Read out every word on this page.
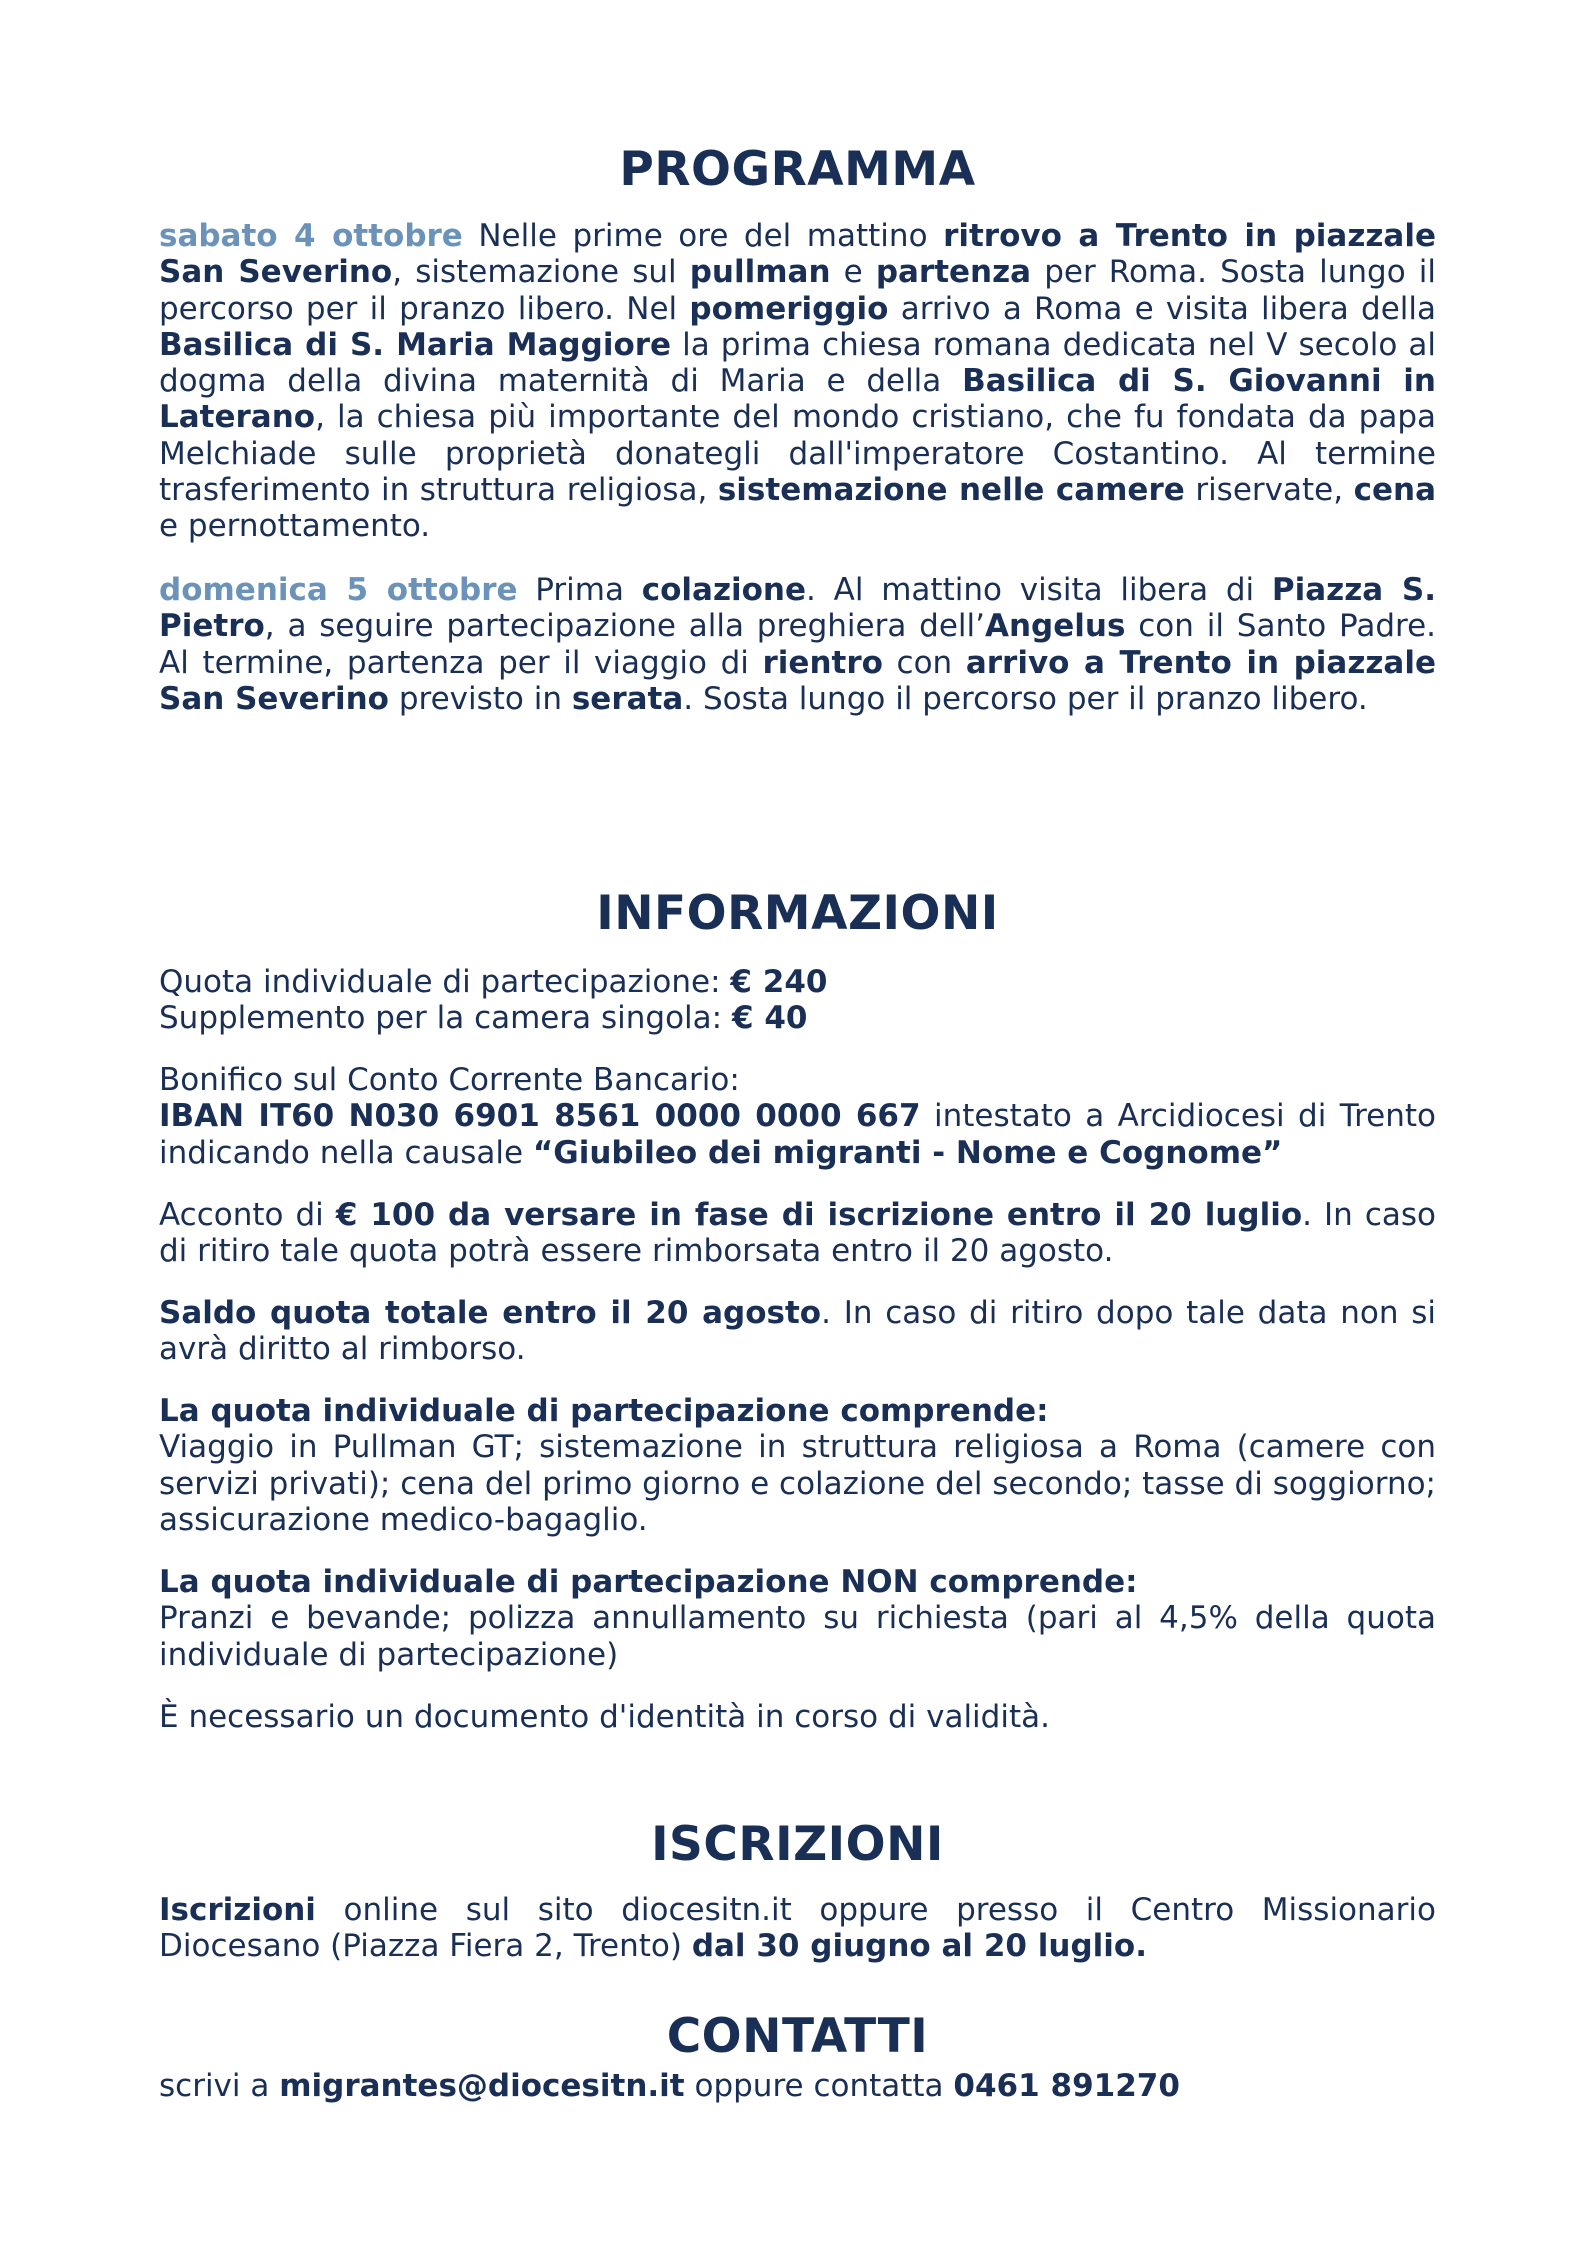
PROGRAMMA

sabato 4 ottobre Nelle prime ore del mattino ritrovo a Trento in piazzale San Severino, sistemazione sul pullman e partenza per Roma. Sosta lungo il percorso per il pranzo libero. Nel pomeriggio arrivo a Roma e visita libera della Basilica di S. Maria Maggiore la prima chiesa romana dedicata nel V secolo al dogma della divina maternità di Maria e della Basilica di S. Giovanni in Laterano, la chiesa più importante del mondo cristiano, che fu fondata da papa Melchiade sulle proprietà donategli dall'imperatore Costantino. Al termine trasferimento in struttura religiosa, sistemazione nelle camere riservate, cena e pernottamento.

domenica 5 ottobre Prima colazione. Al mattino visita libera di Piazza S. Pietro, a seguire partecipazione alla preghiera dell’Angelus con il Santo Padre. Al termine, partenza per il viaggio di rientro con arrivo a Trento in piazzale San Severino previsto in serata. Sosta lungo il percorso per il pranzo libero.

INFORMAZIONI

Quota individuale di partecipazione: € 240
Supplemento per la camera singola: € 40

Bonifico sul Conto Corrente Bancario:
IBAN IT60 N030 6901 8561 0000 0000 667 intestato a Arcidiocesi di Trento indicando nella causale “Giubileo dei migranti - Nome e Cognome”

Acconto di € 100 da versare in fase di iscrizione entro il 20 luglio. In caso di ritiro tale quota potrà essere rimborsata entro il 20 agosto.

Saldo quota totale entro il 20 agosto. In caso di ritiro dopo tale data non si avrà diritto al rimborso.

La quota individuale di partecipazione comprende:
Viaggio in Pullman GT; sistemazione in struttura religiosa a Roma (camere con servizi privati); cena del primo giorno e colazione del secondo; tasse di soggiorno; assicurazione medico-bagaglio.

La quota individuale di partecipazione NON comprende:
Pranzi e bevande; polizza annullamento su richiesta (pari al 4,5% della quota individuale di partecipazione)

È necessario un documento d'identità in corso di validità.

ISCRIZIONI

Iscrizioni online sul sito diocesitn.it oppure presso il Centro Missionario Diocesano (Piazza Fiera 2, Trento) dal 30 giugno al 20 luglio.

CONTATTI

scrivi a migrantes@diocesitn.it oppure contatta 0461 891270
